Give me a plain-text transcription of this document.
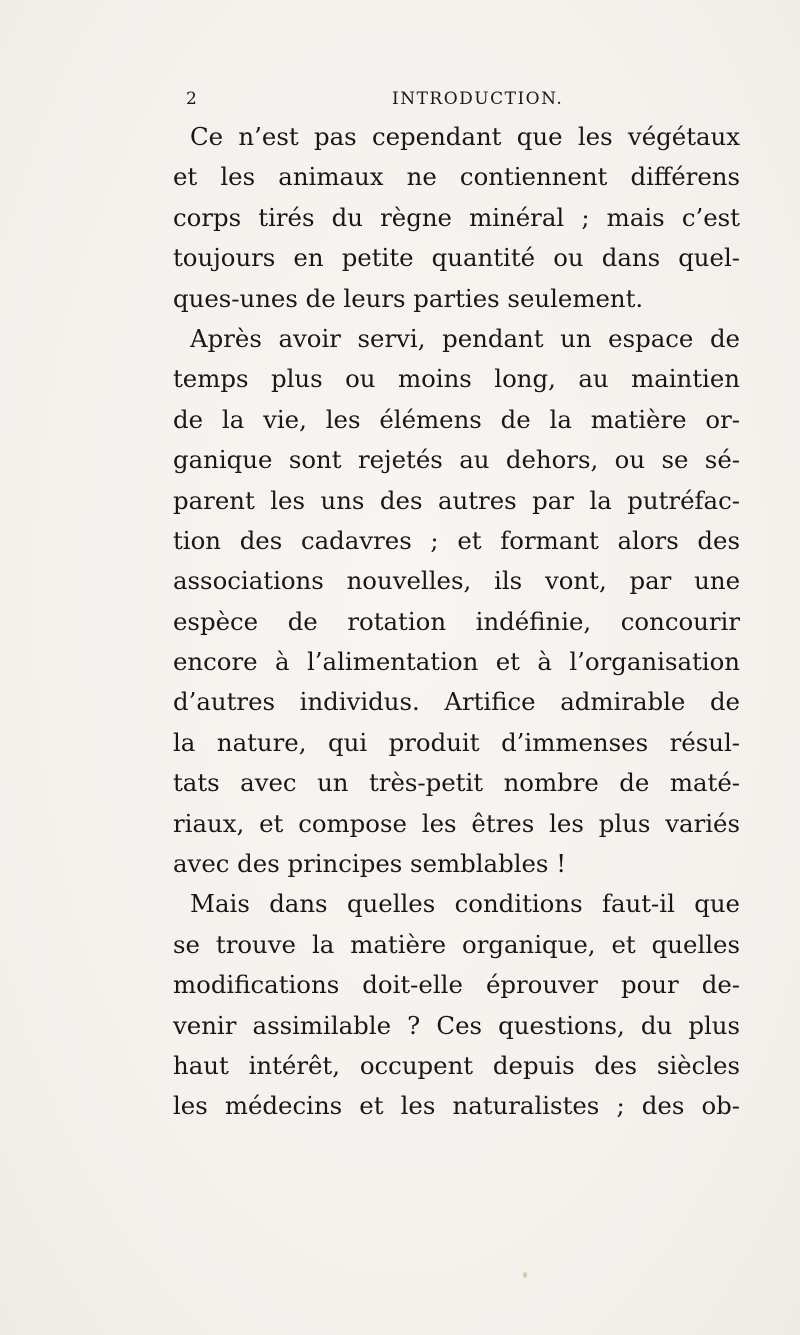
2	INTRODUCTION.
Ce n’est pas cependant que les végétaux
et les animaux ne contiennent différens
corps tirés du règne minéral ; mais c’est
toujours en petite quantité ou dans quel-
ques-unes de leurs parties seulement.
Après avoir servi, pendant un espace de
temps plus ou moins long, au maintien
de la vie, les élémens de la matière or-
ganique sont rejetés au dehors, ou se sé-
parent les uns des autres par la putréfac-
tion des cadavres ; et formant alors des
associations nouvelles, ils vont, par une
espèce de rotation indéfinie, concourir
encore à l’alimentation et à l’organisation
d’autres individus. Artifice admirable de
la nature, qui produit d’immenses résul-
tats avec un très-petit nombre de maté-
riaux, et compose les êtres les plus variés
avec des principes semblables !
Mais dans quelles conditions faut-il que
se trouve la matière organique, et quelles
modifications doit-elle éprouver pour de-
venir assimilable ? Ces questions, du plus
haut intérêt, occupent depuis des siècles
les médecins et les naturalistes ; des ob-
